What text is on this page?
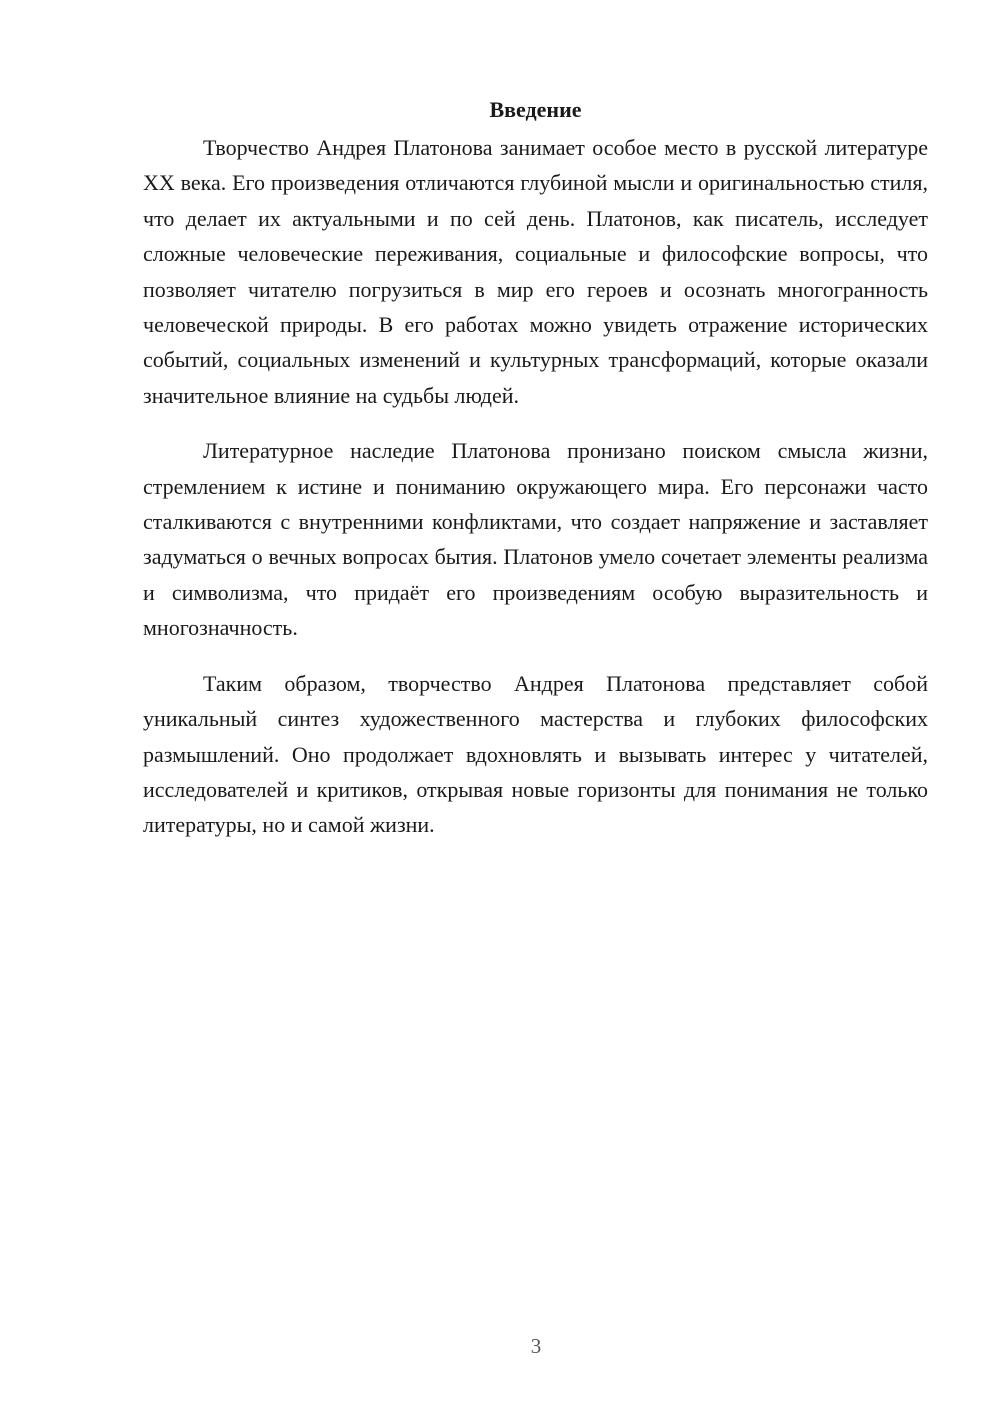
Введение

Творчество Андрея Платонова занимает особое место в русской литературе XX века. Его произведения отличаются глубиной мысли и оригинальностью стиля, что делает их актуальными и по сей день. Платонов, как писатель, исследует сложные человеческие переживания, социальные и философские вопросы, что позволяет читателю погрузиться в мир его героев и осознать многогранность человеческой природы. В его работах можно увидеть отражение исторических событий, социальных изменений и культурных трансформаций, которые оказали значительное влияние на судьбы людей.

Литературное наследие Платонова пронизано поиском смысла жизни, стремлением к истине и пониманию окружающего мира. Его персонажи часто сталкиваются с внутренними конфликтами, что создает напряжение и заставляет задуматься о вечных вопросах бытия. Платонов умело сочетает элементы реализма и символизма, что придаёт его произведениям особую выразительность и многозначность.

Таким образом, творчество Андрея Платонова представляет собой уникальный синтез художественного мастерства и глубоких философских размышлений. Оно продолжает вдохновлять и вызывать интерес у читателей, исследователей и критиков, открывая новые горизонты для понимания не только литературы, но и самой жизни.

3
